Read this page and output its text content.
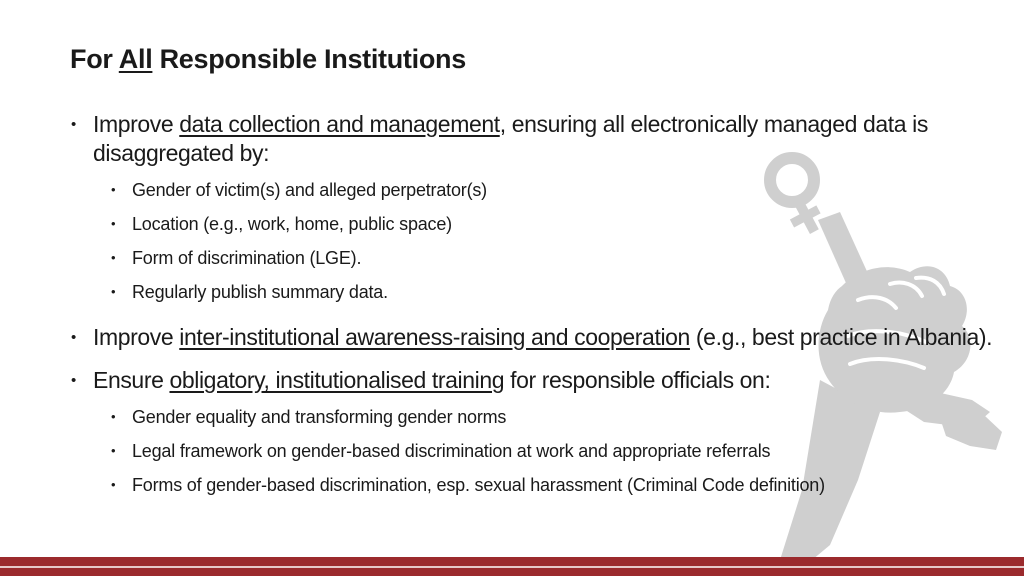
For All Responsible Institutions
• Improve data collection and management, ensuring all electronically managed data is disaggregated by:
• Gender of victim(s) and alleged perpetrator(s)
• Location (e.g., work, home, public space)
• Form of discrimination (LGE).
• Regularly publish summary data.
• Improve inter-institutional awareness-raising and cooperation (e.g., best practice in Albania).
• Ensure obligatory, institutionalised training for responsible officials on:
• Gender equality and transforming gender norms
• Legal framework on gender-based discrimination at work and appropriate referrals
• Forms of gender-based discrimination, esp. sexual harassment (Criminal Code definition)
